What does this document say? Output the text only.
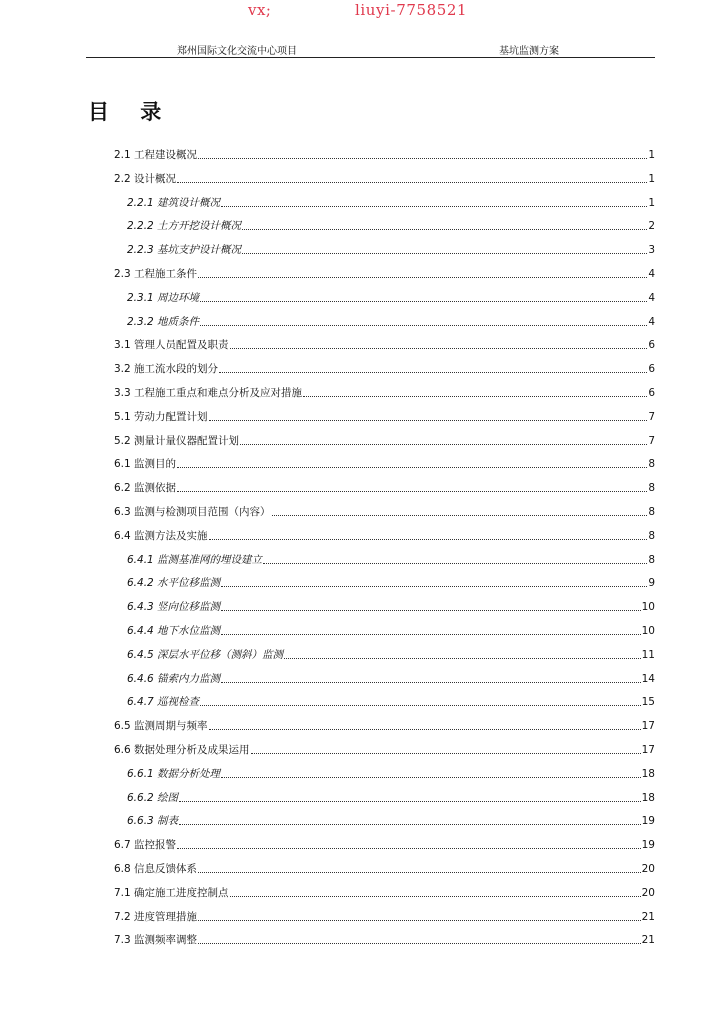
vx;	liuyi-7758521
郑州国际文化交流中心项目	基坑监测方案
目 录
2.1 工程建设概况	1
2.2 设计概况	1
2.2.1 建筑设计概况	1
2.2.2 土方开挖设计概况	2
2.2.3 基坑支护设计概况	3
2.3 工程施工条件	4
2.3.1 周边环境	4
2.3.2 地质条件	4
3.1 管理人员配置及职责	6
3.2 施工流水段的划分	6
3.3 工程施工重点和难点分析及应对措施	6
5.1 劳动力配置计划	7
5.2 测量计量仪器配置计划	7
6.1 监测目的	8
6.2 监测依据	8
6.3 监测与检测项目范围（内容）	8
6.4 监测方法及实施	8
6.4.1 监测基准网的埋设建立	8
6.4.2 水平位移监测	9
6.4.3 竖向位移监测	10
6.4.4 地下水位监测	10
6.4.5 深层水平位移（测斜）监测	11
6.4.6 锚索内力监测	14
6.4.7 巡视检查	15
6.5 监测周期与频率	17
6.6 数据处理分析及成果运用	17
6.6.1 数据分析处理	18
6.6.2 绘图	18
6.6.3 制表	19
6.7 监控报警	19
6.8 信息反馈体系	20
7.1 确定施工进度控制点	20
7.2 进度管理措施	21
7.3 监测频率调整	21
